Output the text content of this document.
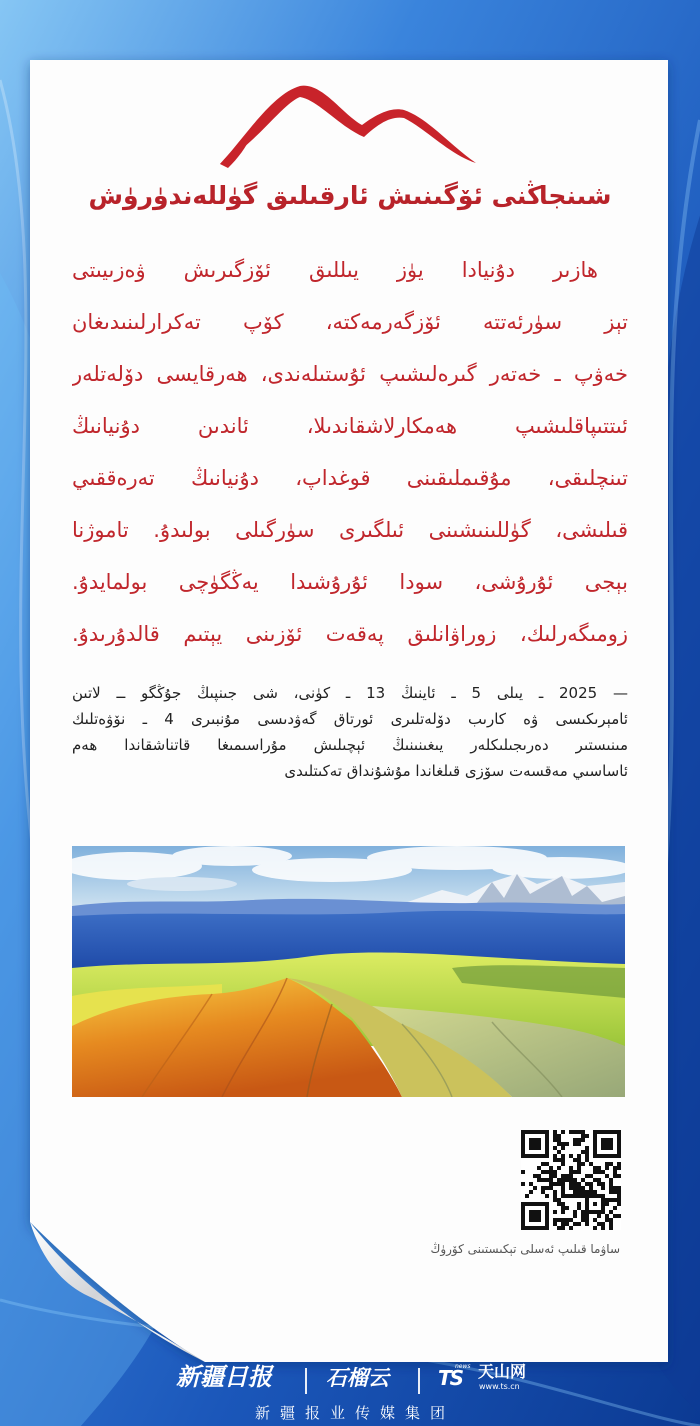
شىنجاڭنى ئۆگىنىش ئارقىلىق گۈللەندۈرۈش
هازىر دۇنيادا يۈز يىللىق ئۆزگىرىش ۋەزىيىتى
تېز سۈرئەتتە ئۆزگەرمەكتە، كۆپ تەكرارلىنىدىغان
خەۋپ ـ خەتەر گىرەلىشىپ ئۇستىلەندى، ھەرقايسى دۆلەتلەر
ئىتتىپاقلىشىپ ھەمكارلاشقاندىلا، ئاندىن دۇنيانىڭ
تىنچلىقى، مۇقىملىقىنى قوغداپ، دۇنيانىڭ تەرەققىي
قىلىشى، گۈللىنىشىنى ئىلگىرى سۈرگىلى بولىدۇ. تاموژنا
بېجى ئۇرۇشى، سودا ئۇرۇشىدا يەڭگۈچى بولمايدۇ.
زومىگەرلىك، زوراۋانلىق پەقەت ئۆزىنى يېتىم قالدۇرىدۇ.
— 2025 ـ يىلى 5 ـ ئاينىڭ 13 ـ كۈنى، شى جىنپىڭ جۇڭگو ــ لاتىن
ئامېرىكىسى ۋە كارىب دۆلەتلىرى ئورتاق گەۋدىسى مۇنبىرى 4 ـ نۆۋەتلىك
مىنىستىر دەرىجىلىكلەر يىغىنىنىڭ ئېچىلىش مۇراسىمىغا قاتناشقاندا ھەم
ئاساسىي مەقسەت سۆزى قىلغاندا مۇشۇنداق تەكىتلىدى
ساۋما قىلىپ ئەسلى تېكىستىنى كۆرۈڭ
新疆日报	石榴云 TS
news 天山网
www.ts.cn
新疆报业传媒集团
